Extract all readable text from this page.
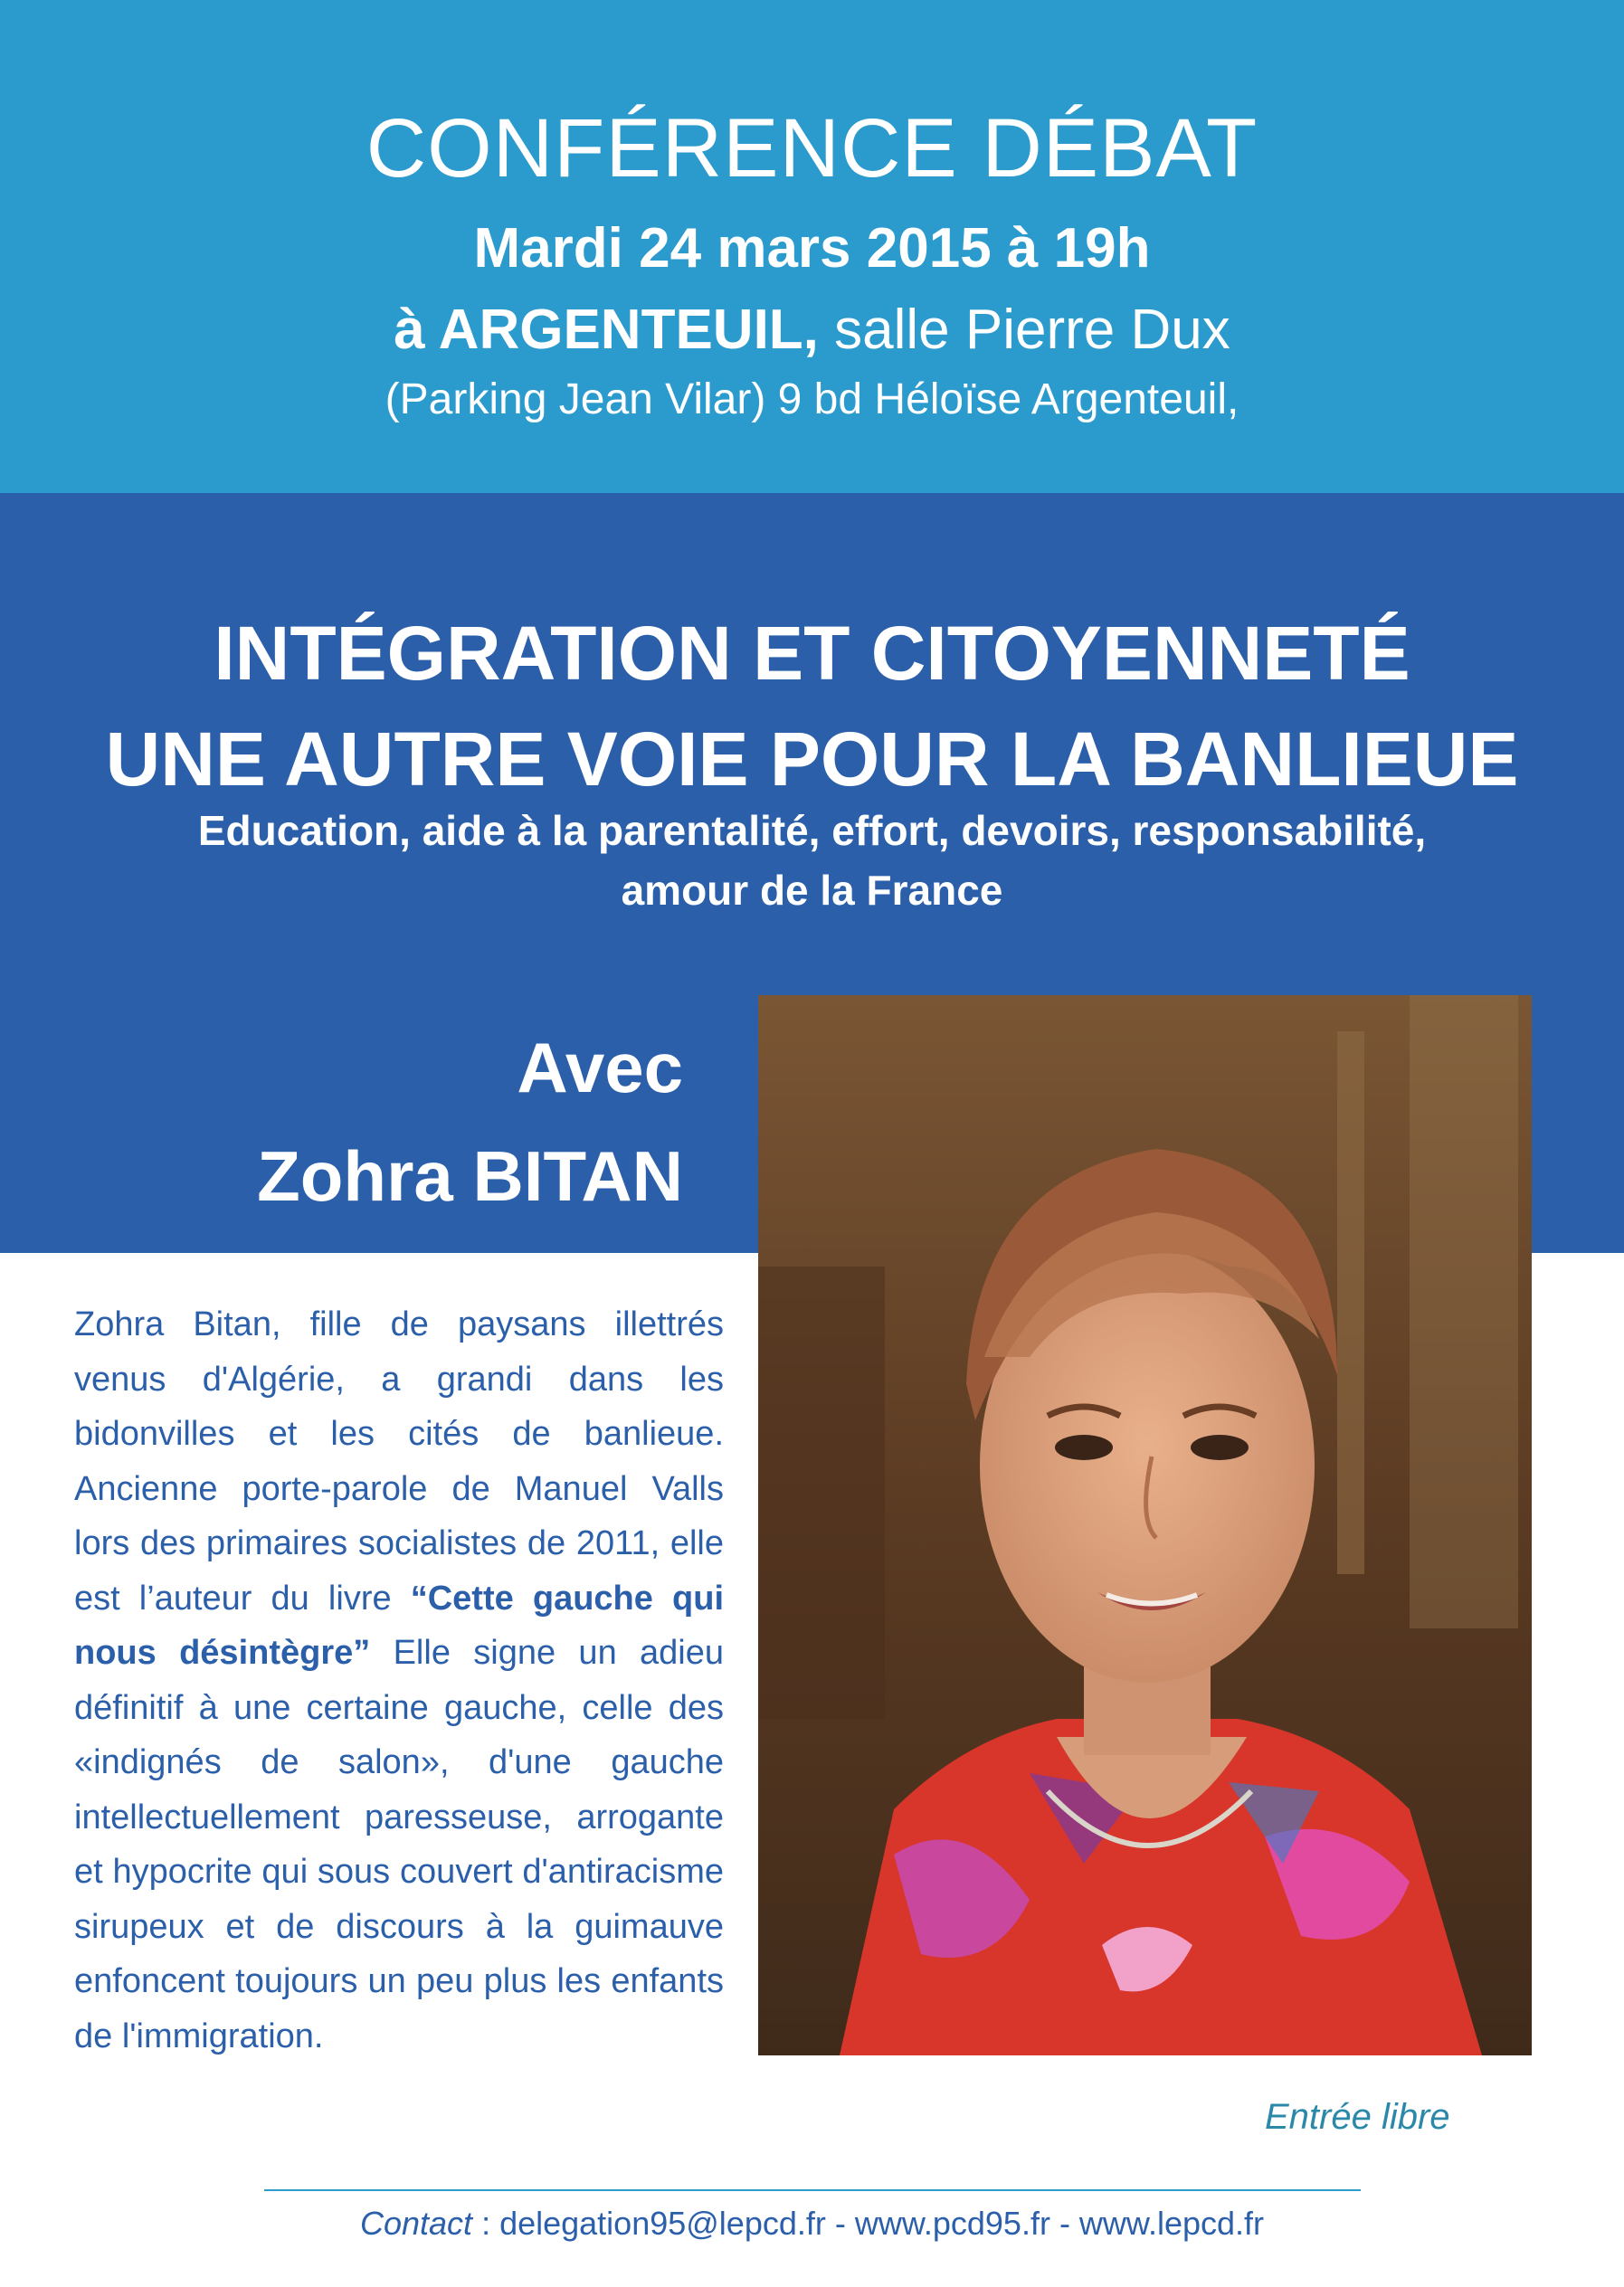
CONFÉRENCE DÉBAT
Mardi 24 mars 2015 à 19h
à ARGENTEUIL, salle Pierre Dux
(Parking Jean Vilar) 9 bd Héloïse Argenteuil,
INTÉGRATION ET CITOYENNETÉ
UNE AUTRE VOIE POUR LA BANLIEUE
Education, aide à la parentalité, effort, devoirs, responsabilité,
amour de la France
Avec
Zohra BITAN
Zohra Bitan, fille de paysans illettrés venus d'Algérie, a grandi dans les bidonvilles et les cités de banlieue. Ancienne porte-parole de Manuel Valls lors des primaires socialistes de 2011, elle est l’auteur du livre “Cette gauche qui nous désintègre” Elle signe un adieu définitif à une certaine gauche, celle des «indignés de salon», d'une gauche intellectuellement paresseuse, arrogante et hypocrite qui sous couvert d'antiracisme sirupeux et de discours à la guimauve enfoncent toujours un peu plus les enfants de l'immigration.
Entrée libre
Contact : delegation95@lepcd.fr - www.pcd95.fr - www.lepcd.fr
